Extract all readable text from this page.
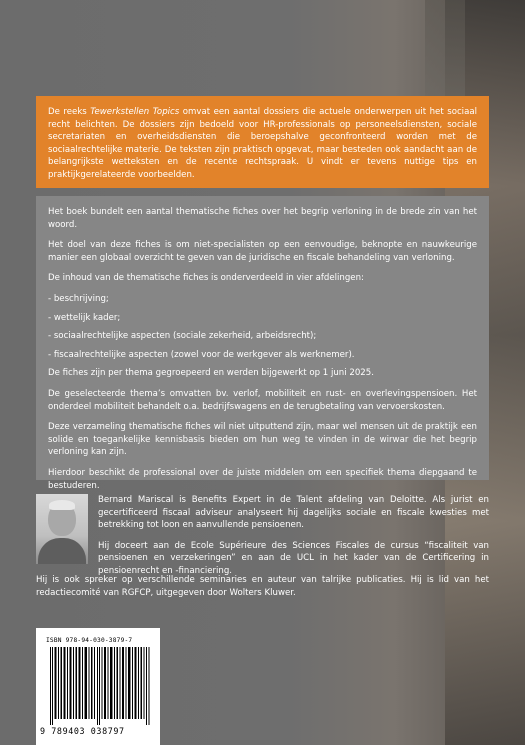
De reeks Tewerkstellen Topics omvat een aantal dossiers die actuele onderwerpen uit het sociaal recht belichten. De dossiers zijn bedoeld voor HR-professionals op personeelsdiensten, sociale secretariaten en overheidsdiensten die beroepshalve geconfronteerd worden met de sociaalrechtelijke materie. De teksten zijn praktisch opgevat, maar besteden ook aandacht aan de belangrijkste wetteksten en de recente rechtspraak. U vindt er tevens nuttige tips en praktijkgerelateerde voorbeelden.

Het boek bundelt een aantal thematische fiches over het begrip verloning in de brede zin van het woord.

Het doel van deze fiches is om niet-specialisten op een eenvoudige, beknopte en nauwkeurige manier een globaal overzicht te geven van de juridische en fiscale behandeling van verloning.

De inhoud van de thematische fiches is onderverdeeld in vier afdelingen:

- beschrijving;

- wettelijk kader;

- sociaalrechtelijke aspecten (sociale zekerheid, arbeidsrecht);

- fiscaalrechtelijke aspecten (zowel voor de werkgever als werknemer).

De fiches zijn per thema gegroepeerd en werden bijgewerkt op 1 juni 2025.

De geselecteerde thema’s omvatten bv. verlof, mobiliteit en rust- en overlevingspensioen. Het onderdeel mobiliteit behandelt o.a. bedrijfswagens en de terugbetaling van vervoerskosten.

Deze verzameling thematische fiches wil niet uitputtend zijn, maar wel mensen uit de praktijk een solide en toegankelijke kennisbasis bieden om hun weg te vinden in de wirwar die het begrip verloning kan zijn.

Hierdoor beschikt de professional over de juiste middelen om een specifiek thema diepgaand te bestuderen.

Bernard Mariscal is Benefits Expert in de Talent afdeling van Deloitte. Als jurist en gecertificeerd fiscaal adviseur analyseert hij dagelijks sociale en fiscale kwesties met betrekking tot loon en aanvullende pensioenen.

Hij doceert aan de Ecole Supérieure des Sciences Fiscales de cursus “fiscaliteit van pensioenen en verzekeringen” en aan de UCL in het kader van de Certificering in pensioenrecht en -financiering.

Hij is ook spreker op verschillende seminaries en auteur van talrijke publicaties. Hij is lid van het redactiecomité van RGFCP, uitgegeven door Wolters Kluwer.

ISBN 978-94-030-3879-7
9 789403 038797
